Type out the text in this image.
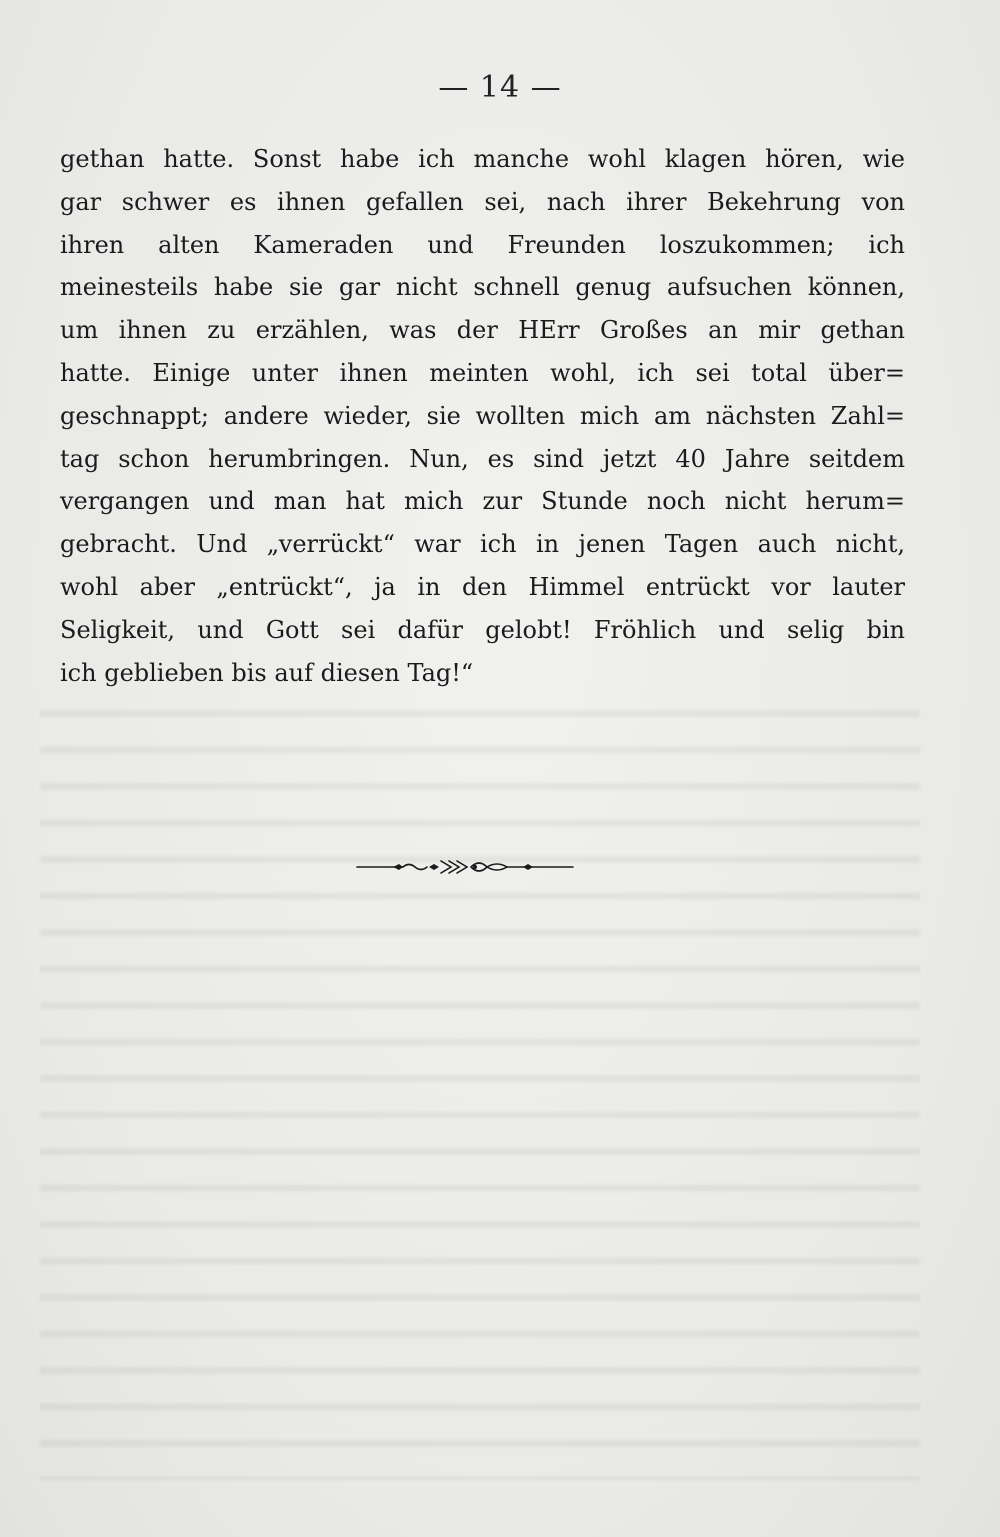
— 14 —
gethan hatte. Sonst habe ich manche wohl klagen hören, wie
gar schwer es ihnen gefallen sei, nach ihrer Bekehrung von
ihren alten Kameraden und Freunden loszukommen; ich
meinesteils habe sie gar nicht schnell genug aufsuchen können,
um ihnen zu erzählen, was der HErr Großes an mir gethan
hatte. Einige unter ihnen meinten wohl, ich sei total über=
geschnappt; andere wieder, sie wollten mich am nächsten Zahl=
tag schon herumbringen. Nun, es sind jetzt 40 Jahre seitdem
vergangen und man hat mich zur Stunde noch nicht herum=
gebracht. Und „verrückt“ war ich in jenen Tagen auch nicht,
wohl aber „entrückt“, ja in den Himmel entrückt vor lauter
Seligkeit, und Gott sei dafür gelobt! Fröhlich und selig bin
ich geblieben bis auf diesen Tag!“
